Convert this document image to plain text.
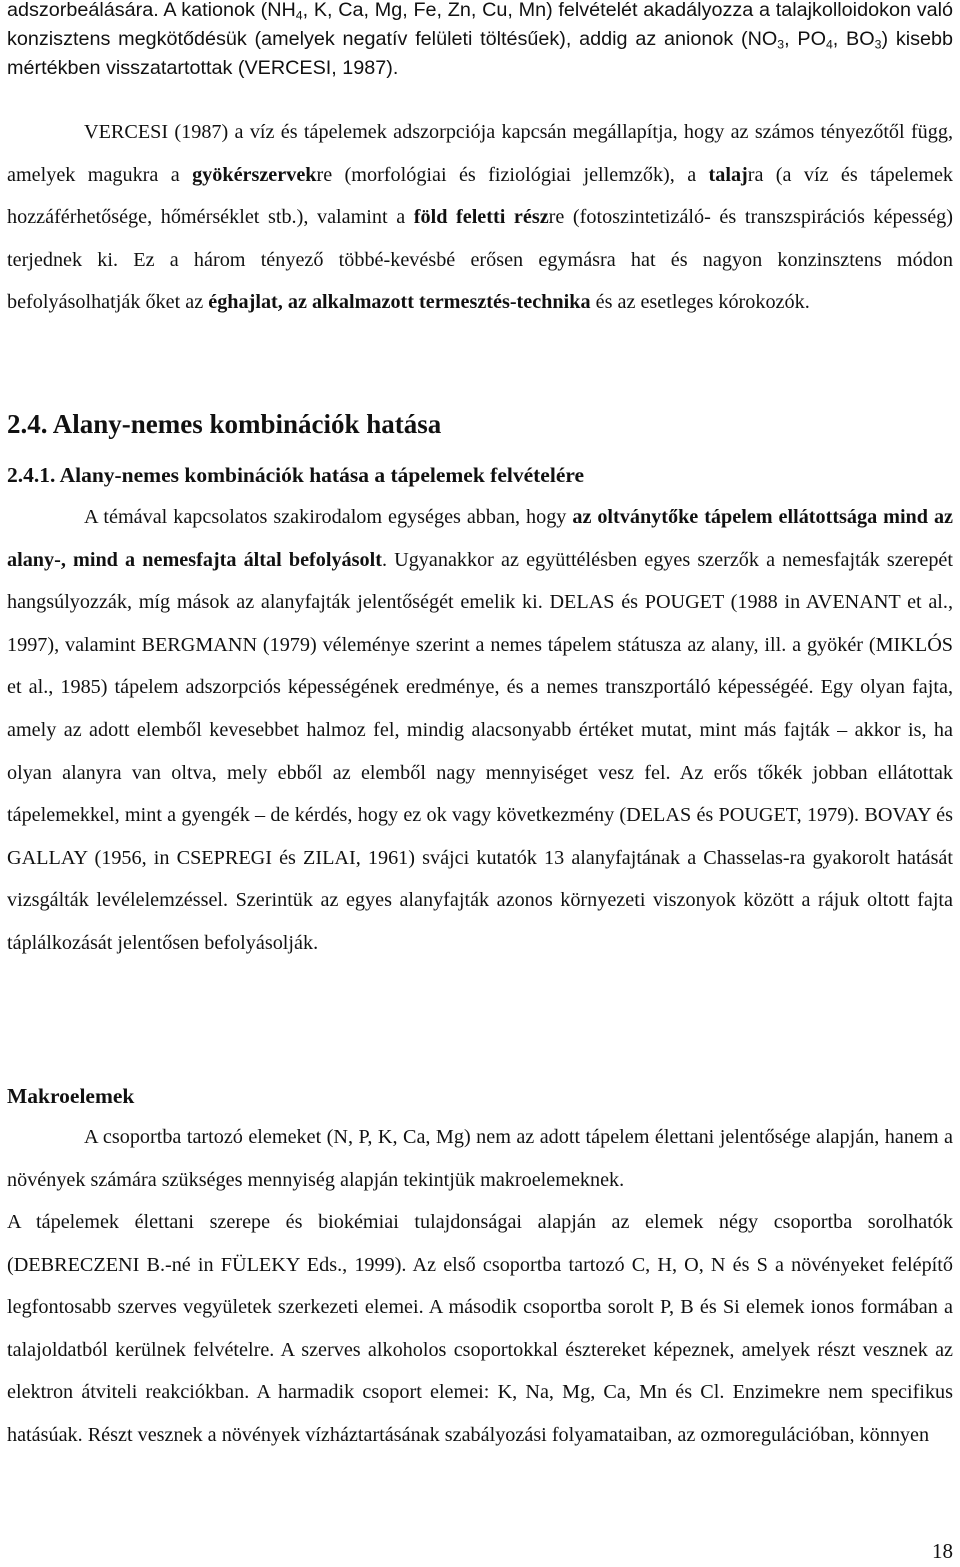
adszorbeálására. A kationok ($NH_4$, K, Ca, Mg, Fe, Zn, Cu, Mn) felvételét akadályozza a talajkolloidokon való konzisztens megkötődésük (amelyek negatív felületi töltésűek), addig az anionok ($NO_3$, $PO_4$, $BO_3$) kisebb mértékben visszatartottak (VERCESI, 1987).

VERCESI (1987) a víz és tápelemek adszorpciója kapcsán megállapítja, hogy az számos tényezőtől függ, amelyek magukra a gyökérszervekre (morfológiai és fiziológiai jellemzők), a talajra (a víz és tápelemek hozzáférhetősége, hőmérséklet stb.), valamint a föld feletti részre (fotoszintetizáló- és transzspirációs képesség) terjednek ki. Ez a három tényező többé-kevésbé erősen egymásra hat és nagyon konzinsztens módon befolyásolhatják őket az éghajlat, az alkalmazott termesztés-technika és az esetleges kórokozók.

2.4. Alany-nemes kombinációk hatása
2.4.1. Alany-nemes kombinációk hatása a tápelemek felvételére

A témával kapcsolatos szakirodalom egységes abban, hogy az oltványtőke tápelem ellátottsága mind az alany-, mind a nemesfajta által befolyásolt. Ugyanakkor az együttélésben egyes szerzők a nemesfajták szerepét hangsúlyozzák, míg mások az alanyfajták jelentőségét emelik ki. DELAS és POUGET (1988 in AVENANT et al., 1997), valamint BERGMANN (1979) véleménye szerint a nemes tápelem státusza az alany, ill. a gyökér (MIKLÓS et al., 1985) tápelem adszorpciós képességének eredménye, és a nemes transzportáló képességéé. Egy olyan fajta, amely az adott elemből kevesebbet halmoz fel, mindig alacsonyabb értéket mutat, mint más fajták – akkor is, ha olyan alanyra van oltva, mely ebből az elemből nagy mennyiséget vesz fel. Az erős tőkék jobban ellátottak tápelemekkel, mint a gyengék – de kérdés, hogy ez ok vagy következmény (DELAS és POUGET, 1979). BOVAY és GALLAY (1956, in CSEPREGI és ZILAI, 1961) svájci kutatók 13 alanyfajtának a Chasselas-ra gyakorolt hatását vizsgálták levélelemzéssel. Szerintük az egyes alanyfajták azonos környezeti viszonyok között a rájuk oltott fajta táplálkozását jelentősen befolyásolják.

Makroelemek

A csoportba tartozó elemeket (N, P, K, Ca, Mg) nem az adott tápelem élettani jelentősége alapján, hanem a növények számára szükséges mennyiség alapján tekintjük makroelemeknek.

A tápelemek élettani szerepe és biokémiai tulajdonságai alapján az elemek négy csoportba sorolhatók (DEBRECZENI B.-né in FÜLEKY Eds., 1999). Az első csoportba tartozó C, H, O, N és S a növényeket felépítő legfontosabb szerves vegyületek szerkezeti elemei. A második csoportba sorolt P, B és Si elemek ionos formában a talajoldatból kerülnek felvételre. A szerves alkoholos csoportokkal észtereket képeznek, amelyek részt vesznek az elektron átviteli reakciókban. A harmadik csoport elemei: K, Na, Mg, Ca, Mn és Cl. Enzimekre nem specifikus hatásúak. Részt vesznek a növények vízháztartásának szabályozási folyamataiban, az ozmoregulációban, könnyen

18
